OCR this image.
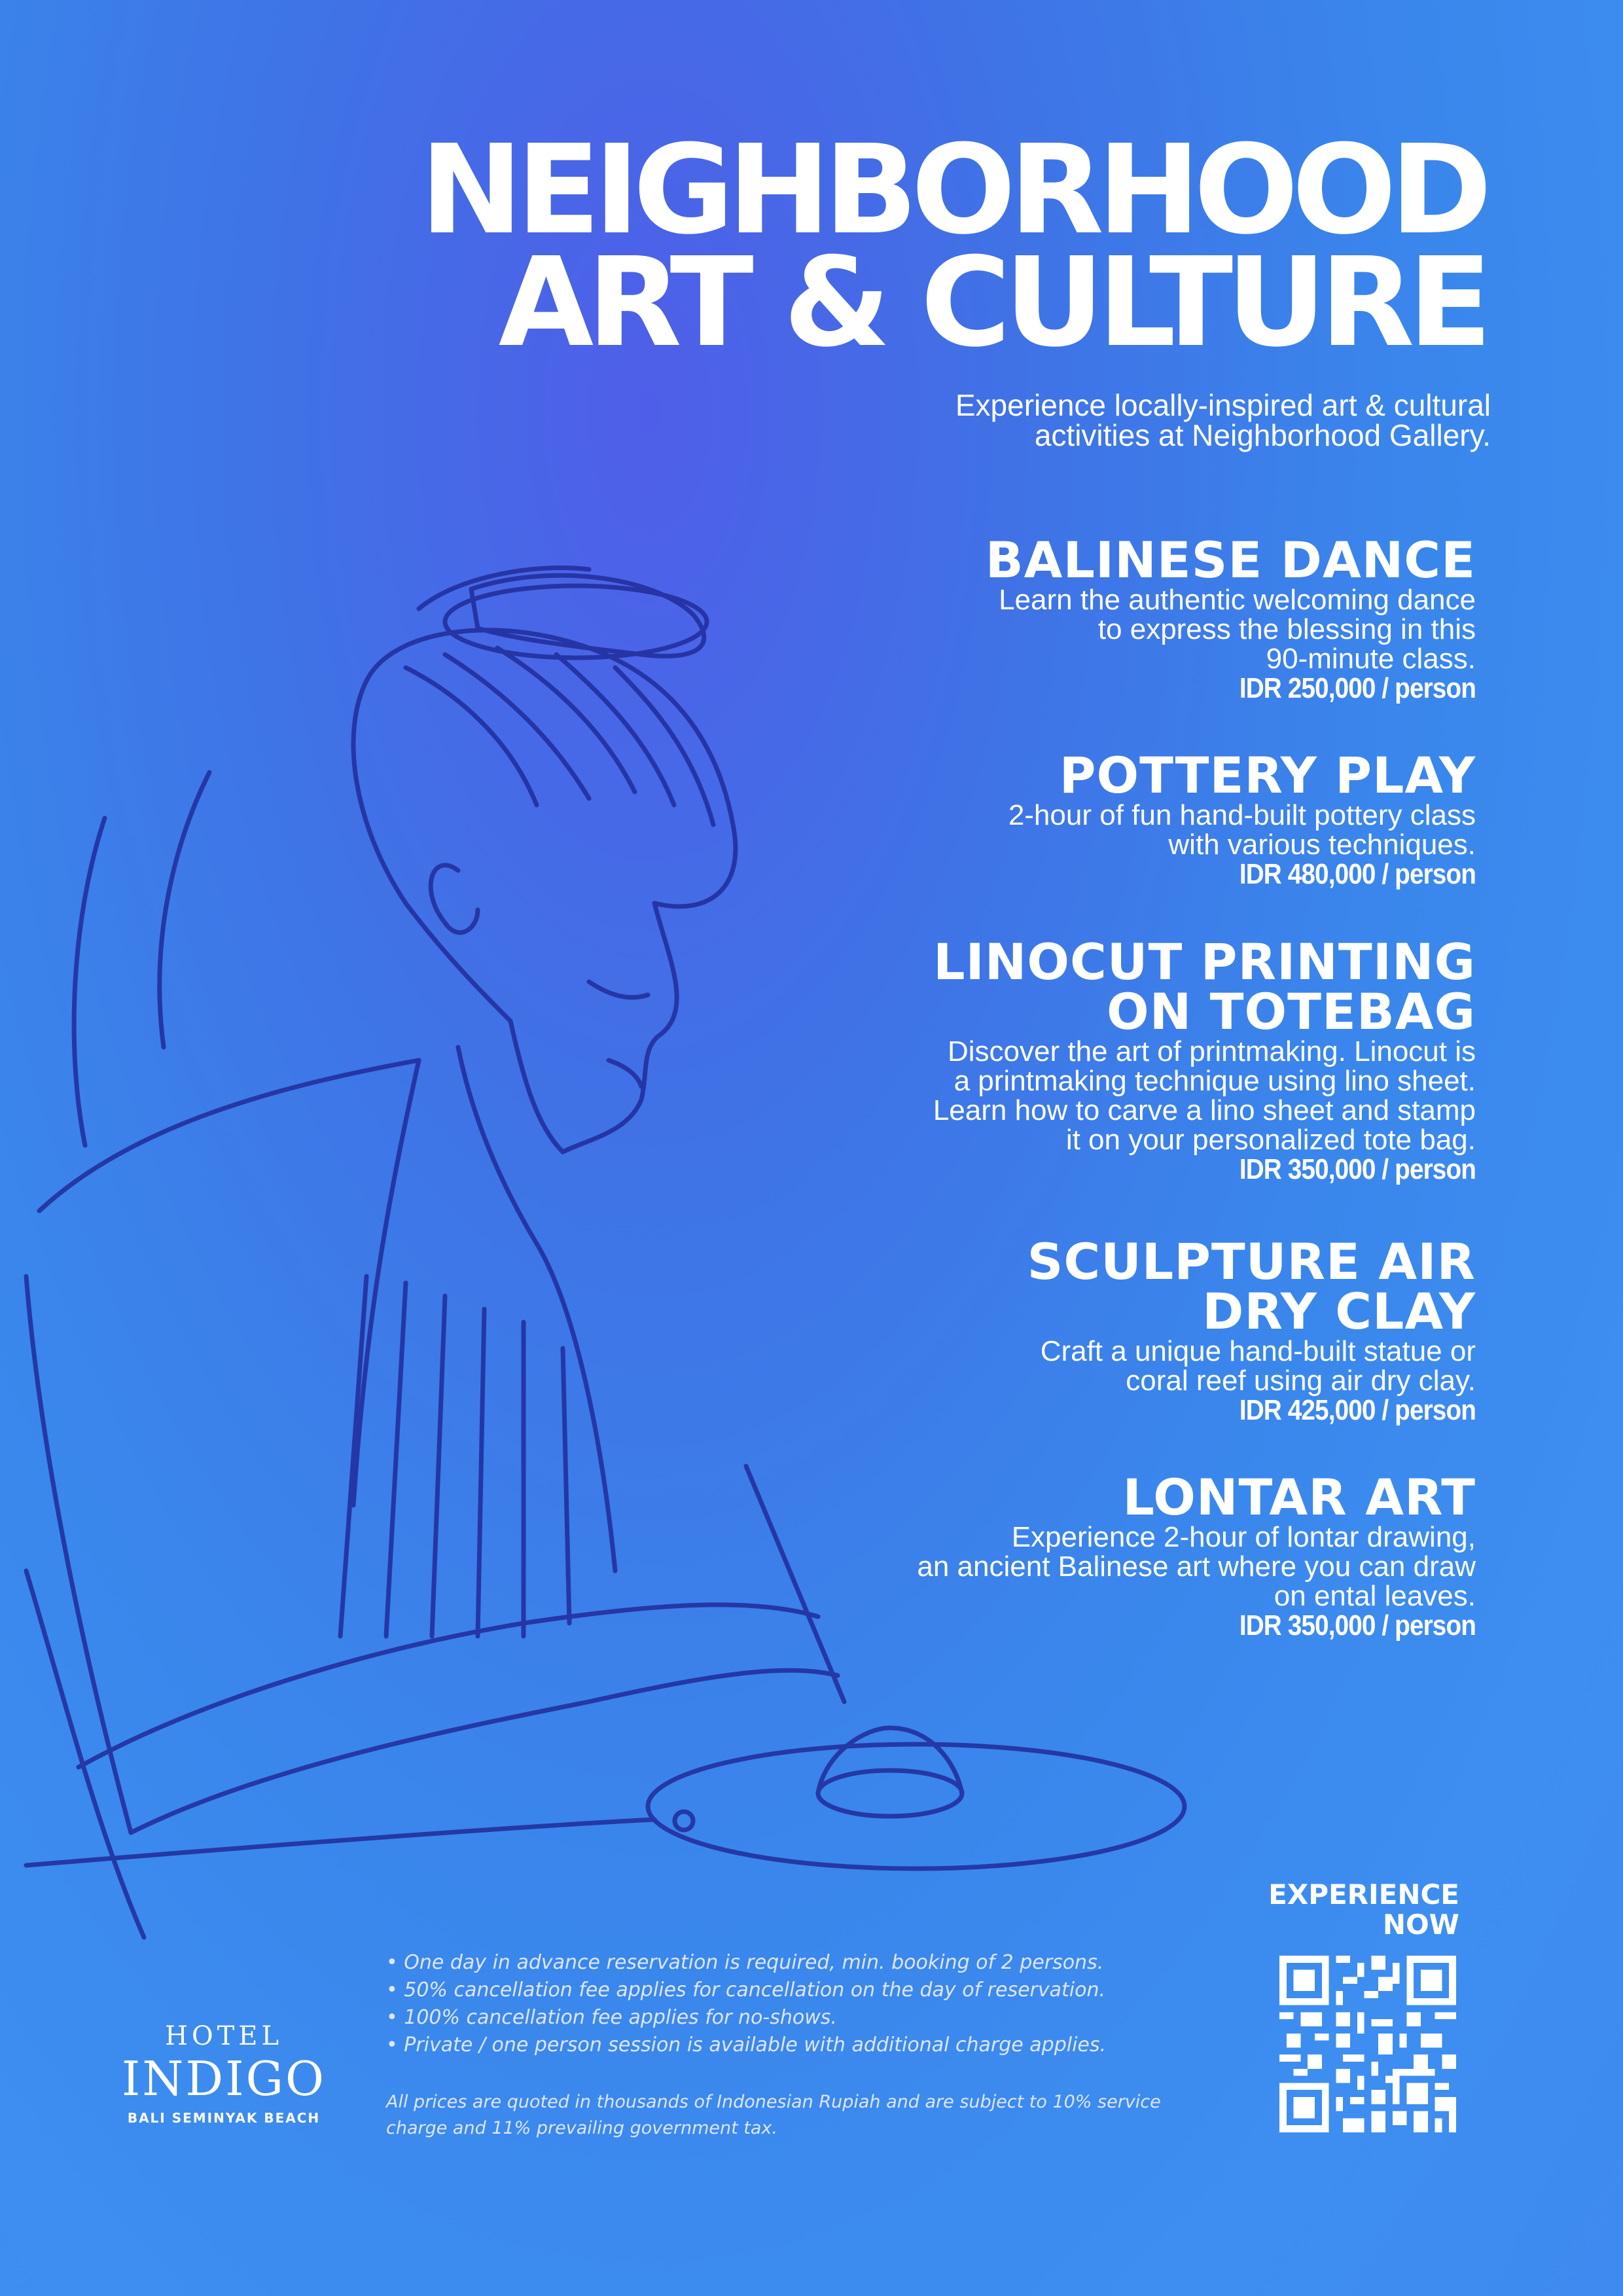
NEIGHBORHOOD
ART & CULTURE
Experience locally-inspired art & cultural
activities at Neighborhood Gallery.
BALINESE DANCE

Learn the authentic welcoming dance
to express the blessing in this
90-minute class.

IDR 250,000 / person

POTTERY PLAY

2-hour of fun hand-built pottery class
with various techniques.

IDR 480,000 / person

LINOCUT PRINTING
ON TOTEBAG

Discover the art of printmaking. Linocut is
a printmaking technique using lino sheet.
Learn how to carve a lino sheet and stamp
it on your personalized tote bag.

IDR 350,000 / person

SCULPTURE AIR
DRY CLAY

Craft a unique hand-built statue or
coral reef using air dry clay.

IDR 425,000 / person

LONTAR ART

Experience 2-hour of lontar drawing,
an ancient Balinese art where you can draw
on ental leaves.

IDR 350,000 / person

• One day in advance reservation is required, min. booking of 2 persons.
• 50% cancellation fee applies for cancellation on the day of reservation.
• 100% cancellation fee applies for no-shows.
• Private / one person session is available with additional charge applies.
All prices are quoted in thousands of Indonesian Rupiah and are subject to 10% service
charge and 11% prevailing government tax.
HOTEL
INDIGO
BALI SEMINYAK BEACH
EXPERIENCE
NOW
